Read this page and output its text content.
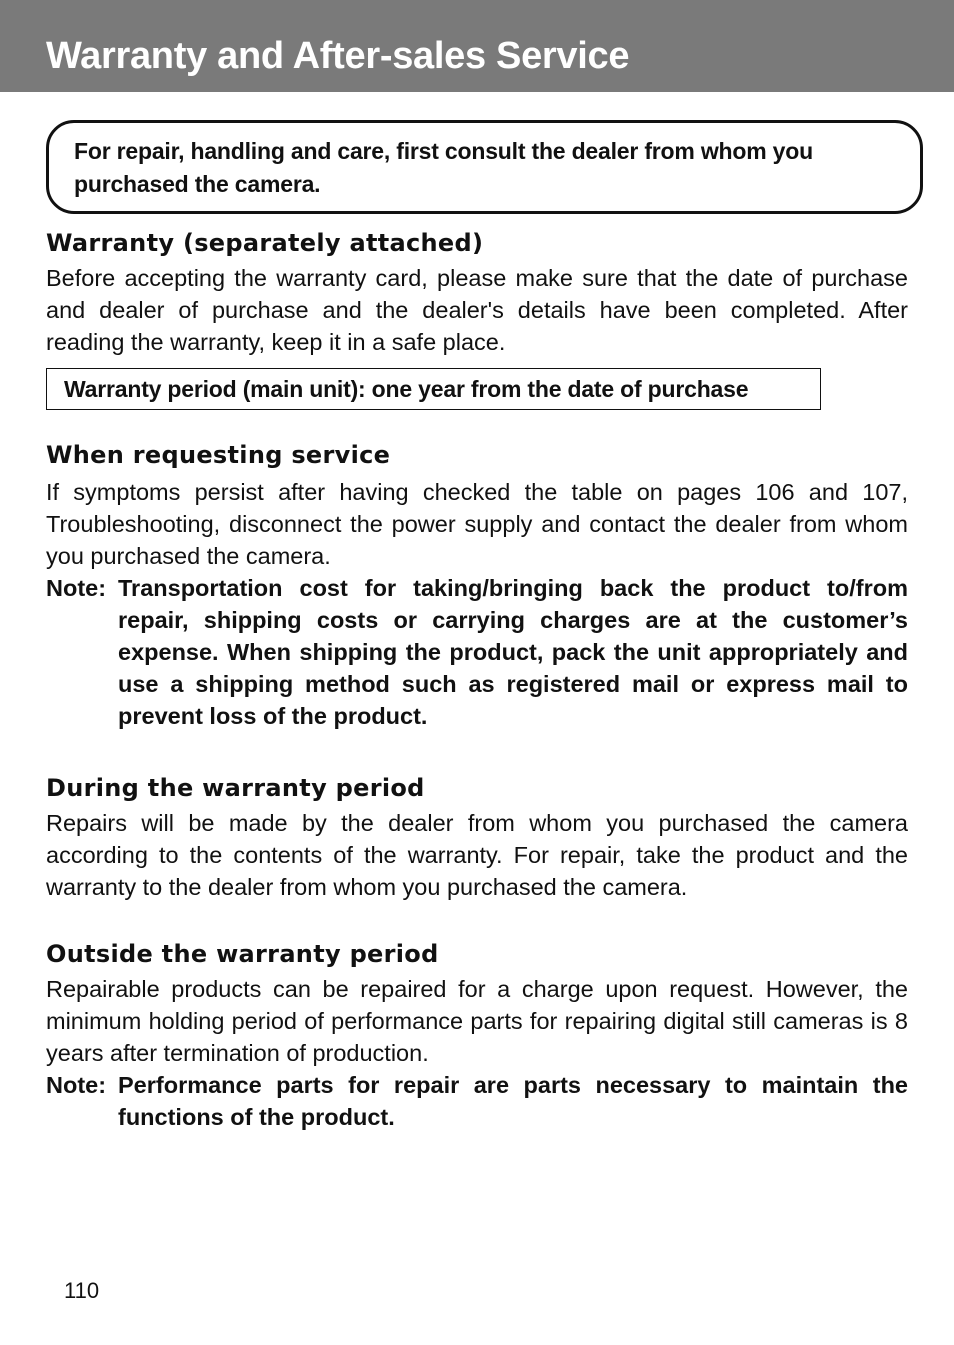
Warranty and After-sales Service
For repair, handling and care, first consult the dealer from whom you purchased the camera.
Warranty (separately attached)

Before accepting the warranty card, please make sure that the date of purchase and dealer of purchase and the dealer's details have been completed. After reading the warranty, keep it in a safe place.

Warranty period (main unit): one year from the date of purchase
When requesting service

If symptoms persist after having checked the table on pages 106 and 107, Troubleshooting, disconnect the power supply and contact the dealer from whom you purchased the camera.

Note: Transportation cost for taking/bringing back the product to/from repair, shipping costs or carrying charges are at the customer’s expense. When shipping the product, pack the unit appropriately and use a shipping method such as registered mail or express mail to prevent loss of the product.
During the warranty period

Repairs will be made by the dealer from whom you purchased the camera according to the contents of the warranty. For repair, take the product and the warranty to the dealer from whom you purchased the camera.

Outside the warranty period

Repairable products can be repaired for a charge upon request. However, the minimum holding period of performance parts for repairing digital still cameras is 8 years after termination of production.

Note: Performance parts for repair are parts necessary to maintain the functions of the product.
110
